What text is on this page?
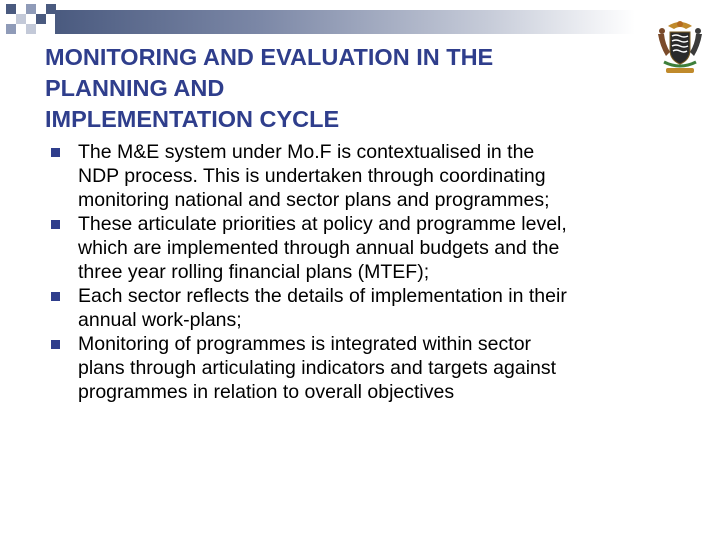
MONITORING AND EVALUATION IN THE
PLANNING AND
IMPLEMENTATION CYCLE
The M&E system under Mo.F is contextualised in the
NDP process. This is undertaken through coordinating
monitoring national and sector plans and programmes;
These articulate priorities at policy and programme level,
which are implemented through annual budgets and the
three year rolling financial plans (MTEF);
Each sector reflects the details of implementation in their
annual work-plans;
Monitoring of programmes is integrated within sector
plans through articulating indicators and targets against
programmes in relation to overall objectives
